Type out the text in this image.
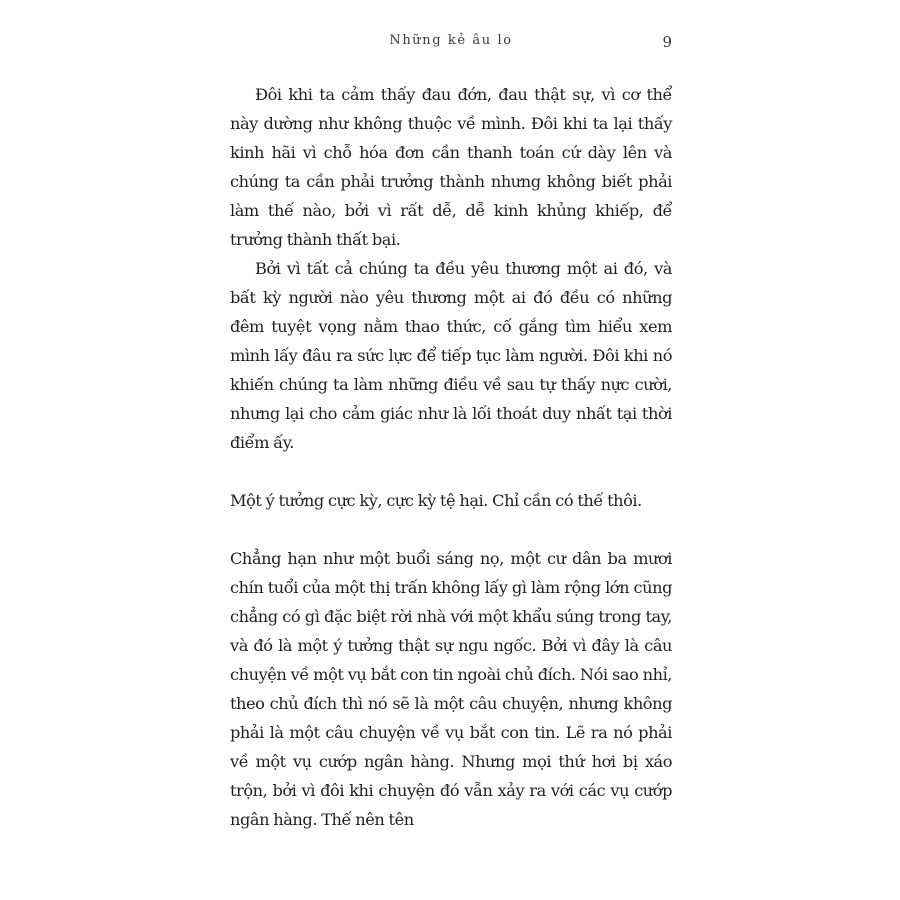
Những kẻ âu lo	9

Đôi khi ta cảm thấy đau đớn, đau thật sự, vì cơ thể này dường như không thuộc về mình. Đôi khi ta lại thấy kinh hãi vì chỗ hóa đơn cần thanh toán cứ dày lên và chúng ta cần phải trưởng thành nhưng không biết phải làm thế nào, bởi vì rất dễ, dễ kinh khủng khiếp, để trưởng thành thất bại.

Bởi vì tất cả chúng ta đều yêu thương một ai đó, và bất kỳ người nào yêu thương một ai đó đều có những đêm tuyệt vọng nằm thao thức, cố gắng tìm hiểu xem mình lấy đâu ra sức lực để tiếp tục làm người. Đôi khi nó khiến chúng ta làm những điều về sau tự thấy nực cười, nhưng lại cho cảm giác như là lối thoát duy nhất tại thời điểm ấy.

Một ý tưởng cực kỳ, cực kỳ tệ hại. Chỉ cần có thế thôi.

Chẳng hạn như một buổi sáng nọ, một cư dân ba mươi chín tuổi của một thị trấn không lấy gì làm rộng lớn cũng chẳng có gì đặc biệt rời nhà với một khẩu súng trong tay, và đó là một ý tưởng thật sự ngu ngốc. Bởi vì đây là câu chuyện về một vụ bắt con tin ngoài chủ đích. Nói sao nhỉ, theo chủ đích thì nó sẽ là một câu chuyện, nhưng không phải là một câu chuyện về vụ bắt con tin. Lẽ ra nó phải về một vụ cướp ngân hàng. Nhưng mọi thứ hơi bị xáo trộn, bởi vì đôi khi chuyện đó vẫn xảy ra với các vụ cướp ngân hàng. Thế nên tên
